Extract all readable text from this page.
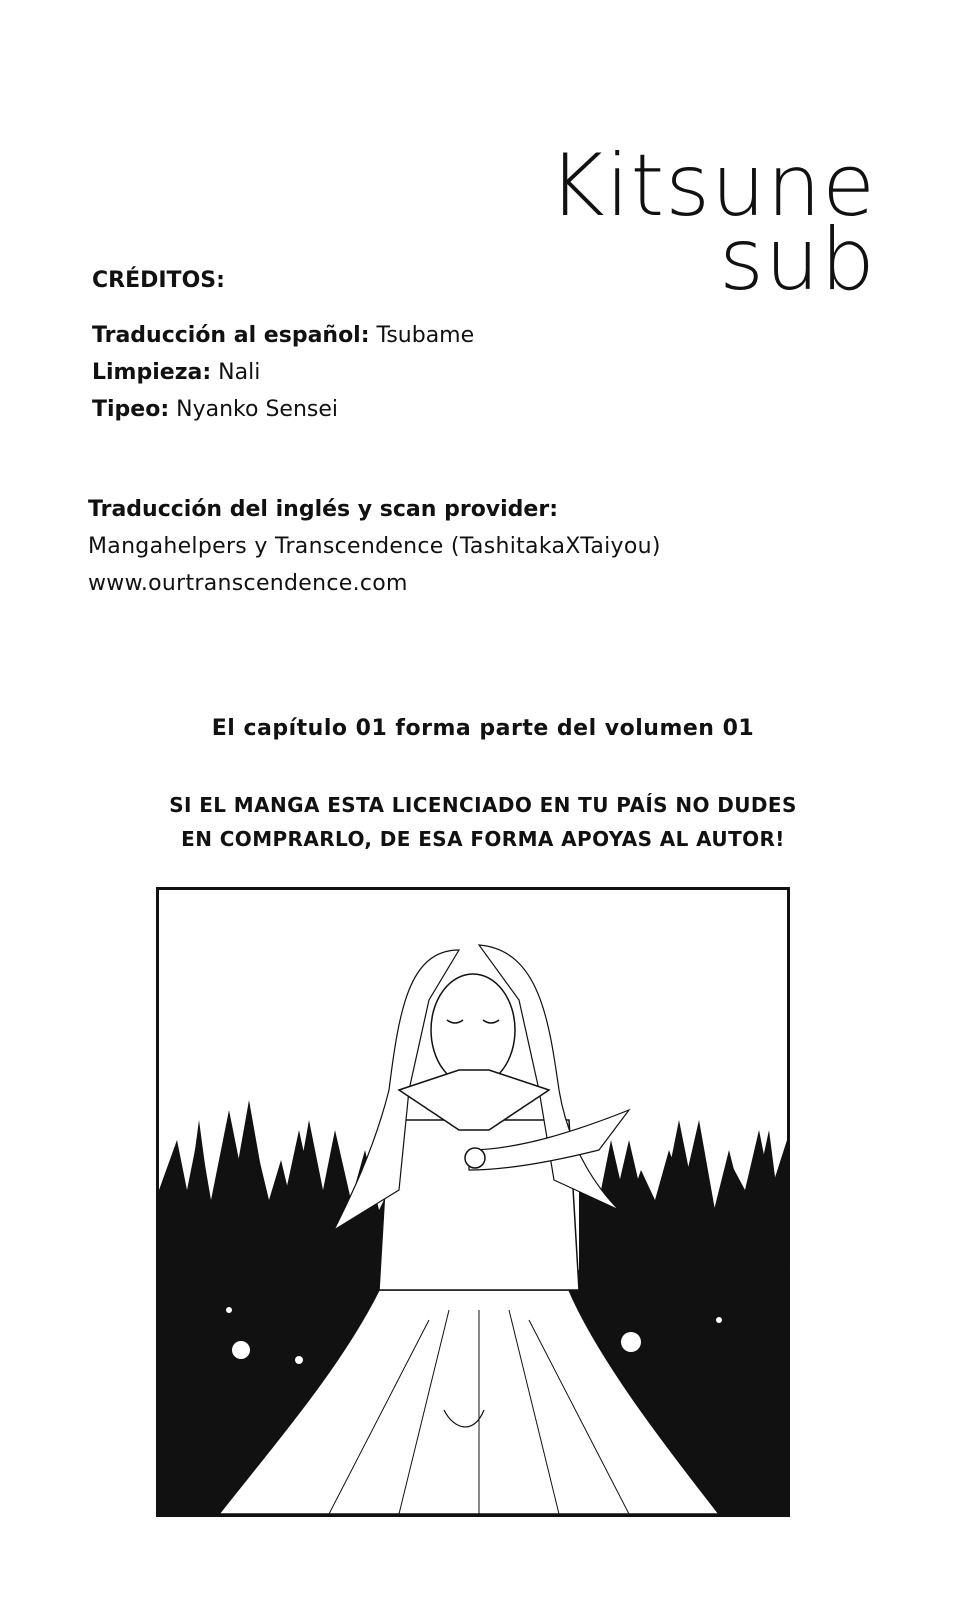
Kitsune
sub
CRÉDITOS:
Traducción al español: Tsubame
Limpieza: Nali
Tipeo: Nyanko Sensei
Traducción del inglés y scan provider:
Mangahelpers y Transcendence (TashitakaXTaiyou)
www.ourtranscendence.com
El capítulo 01 forma parte del volumen 01
SI EL MANGA ESTA LICENCIADO EN TU PAÍS NO DUDES
EN COMPRARLO, DE ESA FORMA APOYAS AL AUTOR!
